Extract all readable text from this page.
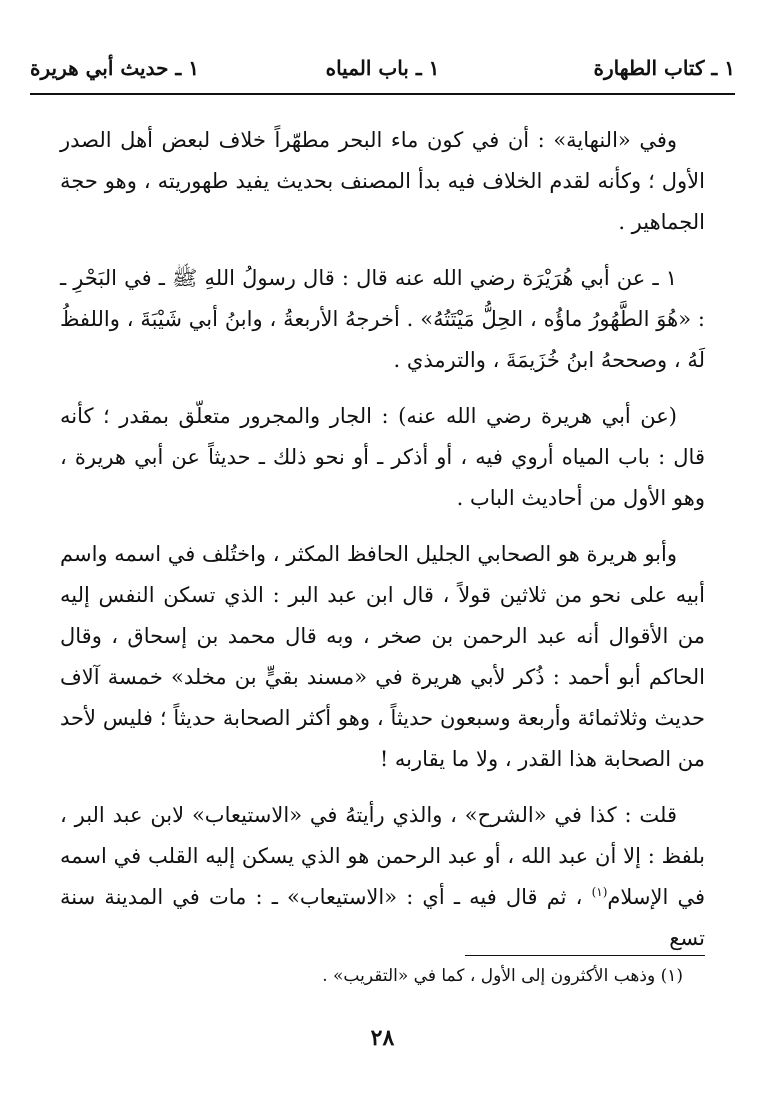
١ ـ كتاب الطهارة
١ ـ باب المياه
١ ـ حديث أبي هريرة

وفي «النهاية» : أن في كون ماء البحر مطهّراً خلاف لبعض أهل الصدر الأول ؛ وكأنه لقدم الخلاف فيه بدأ المصنف بحديث يفيد طهوريته ، وهو حجة الجماهير .

١ ـ عن أبي هُرَيْرَة رضي الله عنه قال : قال رسولُ اللهِ ﷺ ـ في البَحْرِ ـ : «هُوَ الطَّهُورُ ماؤُه ، الحِلُّ مَيْتَتُهُ» . أخرجهُ الأربعةُ ، وابنُ أبي شَيْبَةَ ، واللفظُ لَهُ ، وصححهُ ابنُ خُزَيمَةَ ، والترمذي .

(عن أبي هريرة رضي الله عنه) : الجار والمجرور متعلّق بمقدر ؛ كأنه قال : باب المياه أروي فيه ، أو أذكر ـ أو نحو ذلك ـ حديثاً عن أبي هريرة ، وهو الأول من أحاديث الباب .

وأبو هريرة هو الصحابي الجليل الحافظ المكثر ، واختُلف في اسمه واسم أبيه على نحو من ثلاثين قولاً ، قال ابن عبد البر : الذي تسكن النفس إليه من الأقوال أنه عبد الرحمن بن صخر ، وبه قال محمد بن إسحاق ، وقال الحاكم أبو أحمد : ذُكر لأبي هريرة في «مسند بقيٍّ بن مخلد» خمسة آلاف حديث وثلاثمائة وأربعة وسبعون حديثاً ، وهو أكثر الصحابة حديثاً ؛ فليس لأحد من الصحابة هذا القدر ، ولا ما يقاربه !

قلت : كذا في «الشرح» ، والذي رأيتهُ في «الاستيعاب» لابن عبد البر ، بلفظ : إلا أن عبد الله ، أو عبد الرحمن هو الذي يسكن إليه القلب في اسمه في الإسلام$^{(١)}$ ، ثم قال فيه ـ أي : «الاستيعاب» ـ : مات في المدينة سنة تسع

(١) وذهب الأكثرون إلى الأول ، كما في «التقريب» .
٢٨
